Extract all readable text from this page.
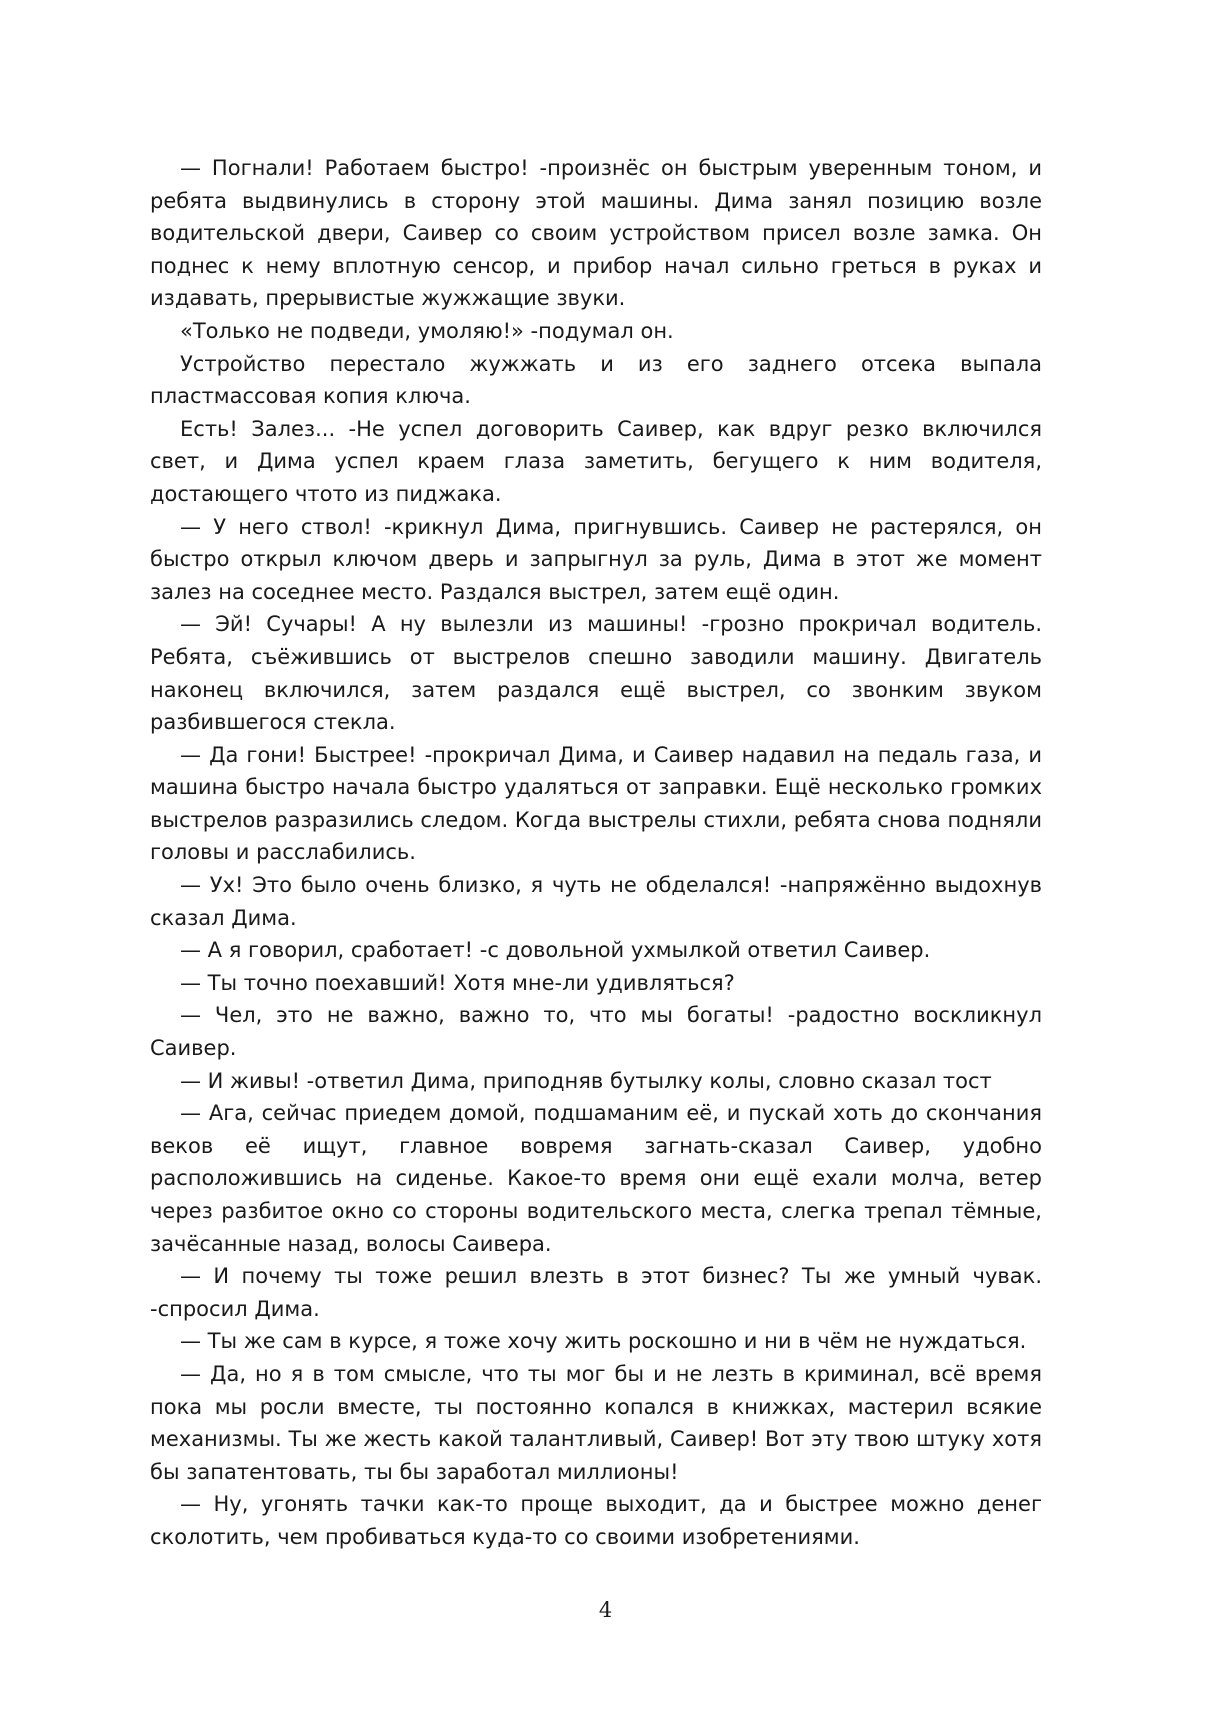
— Погнали! Работаем быстро! -произнёс он быстрым уверенным тоном, и ребята выдвинулись в сторону этой машины. Дима занял позицию возле водительской двери, Саивер со своим устройством присел возле замка. Он поднес к нему вплотную сенсор, и прибор начал сильно греться в руках и издавать, прерывистые жужжащие звуки.

«Только не подведи, умоляю!» -подумал он.

Устройство перестало жужжать и из его заднего отсека выпала пластмассовая копия ключа.

Есть! Залез... -Не успел договорить Саивер, как вдруг резко включился свет, и Дима успел краем глаза заметить, бегущего к ним водителя, достающего чтото из пиджака.

— У него ствол! -крикнул Дима, пригнувшись. Саивер не растерялся, он быстро открыл ключом дверь и запрыгнул за руль, Дима в этот же момент залез на соседнее место. Раздался выстрел, затем ещё один.

— Эй! Сучары! А ну вылезли из машины! -грозно прокричал водитель. Ребята, съёжившись от выстрелов спешно заводили машину. Двигатель наконец включился, затем раздался ещё выстрел, со звонким звуком разбившегося стекла.

— Да гони! Быстрее! -прокричал Дима, и Саивер надавил на педаль газа, и машина быстро начала быстро удаляться от заправки. Ещё несколько громких выстрелов разразились следом. Когда выстрелы стихли, ребята снова подняли головы и расслабились.

— Ух! Это было очень близко, я чуть не обделался! -напряжённо выдохнув сказал Дима.

— А я говорил, сработает! -с довольной ухмылкой ответил Саивер.

— Ты точно поехавший! Хотя мне-ли удивляться?

— Чел, это не важно, важно то, что мы богаты! -радостно воскликнул Саивер.

— И живы! -ответил Дима, приподняв бутылку колы, словно сказал тост

— Ага, сейчас приедем домой, подшаманим её, и пускай хоть до скончания веков её ищут, главное вовремя загнать-сказал Саивер, удобно расположившись на сиденье. Какое-то время они ещё ехали молча, ветер через разбитое окно со стороны водительского места, слегка трепал тёмные, зачёсанные назад, волосы Саивера.

— И почему ты тоже решил влезть в этот бизнес? Ты же умный чувак. -спросил Дима.

— Ты же сам в курсе, я тоже хочу жить роскошно и ни в чём не нуждаться.

— Да, но я в том смысле, что ты мог бы и не лезть в криминал, всё время пока мы росли вместе, ты постоянно копался в книжках, мастерил всякие механизмы. Ты же жесть какой талантливый, Саивер! Вот эту твою штуку хотя бы запатентовать, ты бы заработал миллионы!

— Ну, угонять тачки как-то проще выходит, да и быстрее можно денег сколотить, чем пробиваться куда-то со своими изобретениями.

4
